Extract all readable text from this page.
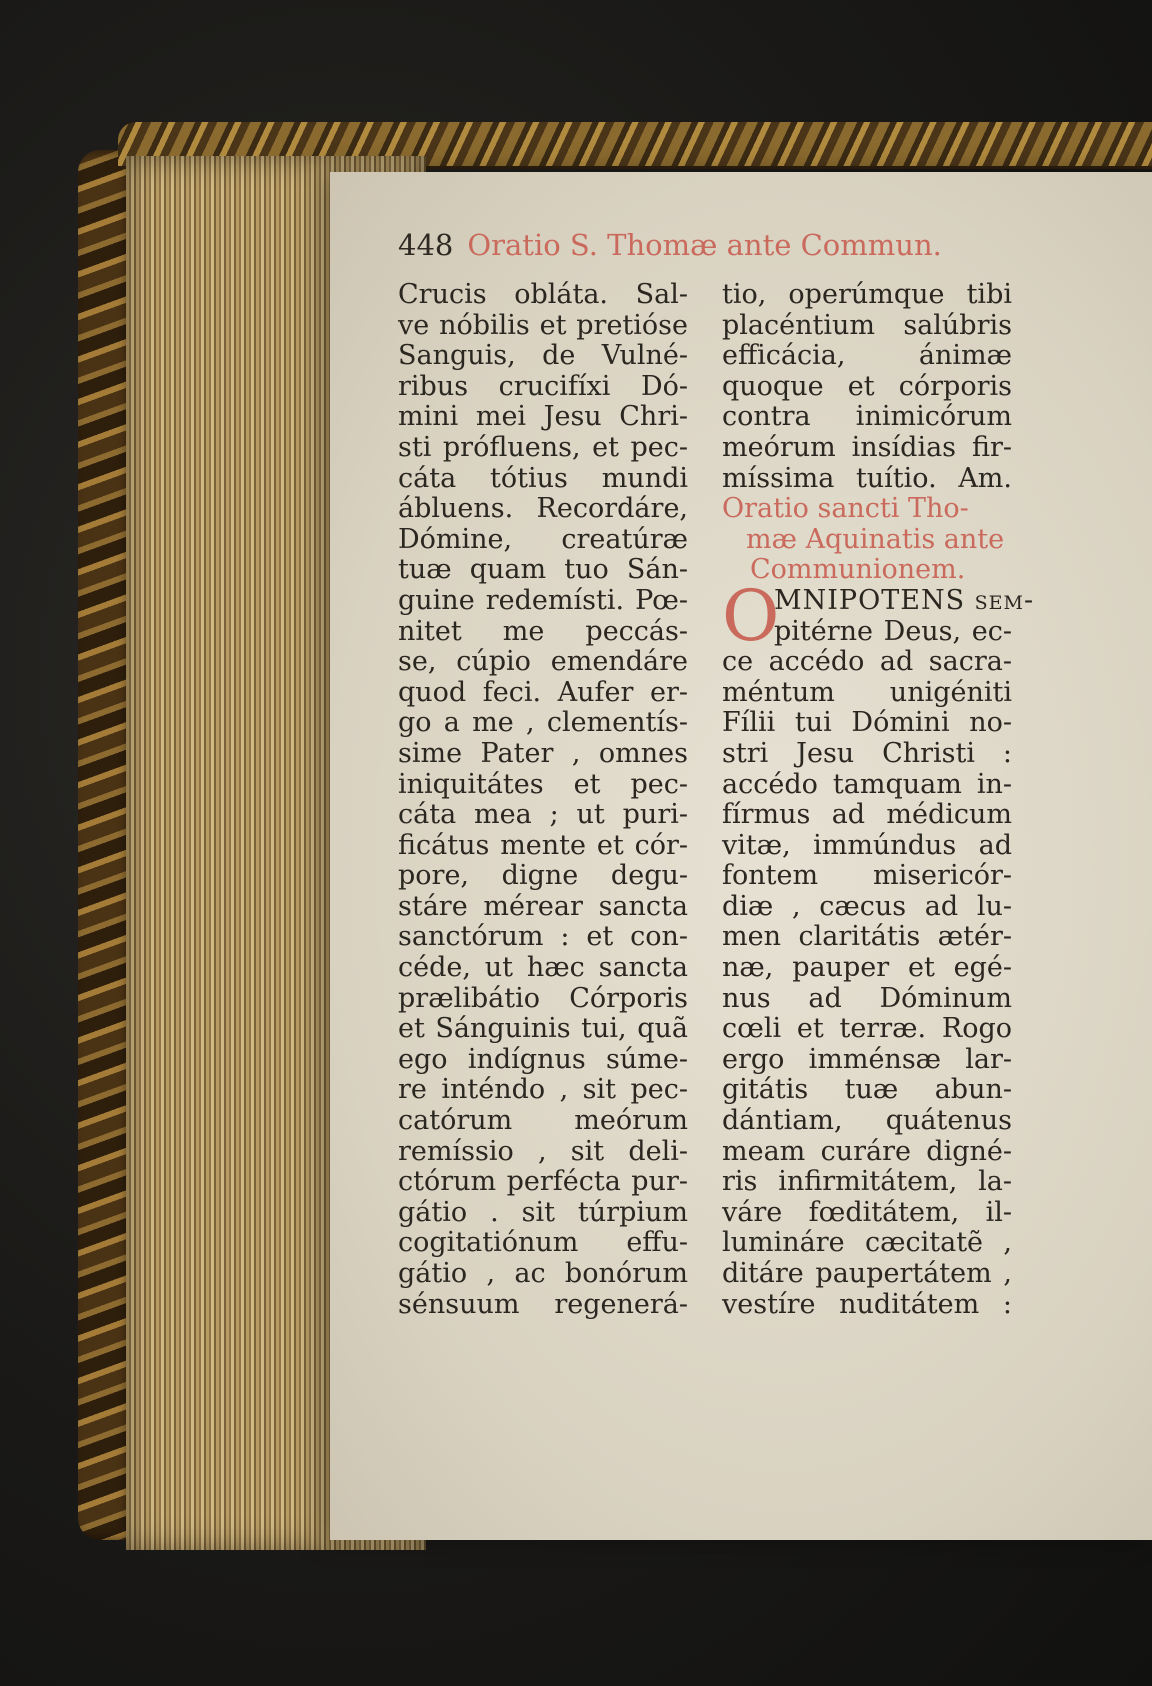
448 Oratio S. Thomæ ante Commun.
Crucis obláta. Sal-
ve nóbilis et pretióse
Sanguis, de Vulné-
ribus crucifíxi Dó-
mini mei Jesu Chri-
sti prófluens, et pec-
cáta tótius mundi
ábluens. Recordáre,
Dómine, creatúræ
tuæ quam tuo Sán-
guine redemísti. Pœ-
nitet me peccás-
se, cúpio emendáre
quod feci. Aufer er-
go a me , clementís-
sime Pater , omnes
iniquitátes et pec-
cáta mea ; ut puri-
ficátus mente et cór-
pore, digne degu-
stáre mérear sancta
sanctórum : et con-
céde, ut hæc sancta
prælibátio Córporis
et Sánguinis tui, quã
ego indígnus súme-
re inténdo , sit pec-
catórum meórum
remíssio , sit deli-
ctórum perfécta pur-
gátio . sit túrpium
cogitatiónum effu-
gátio , ac bonórum
sénsuum regenerá-
tio, operúmque tibi
placéntium salúbris
efficácia, ánimæ
quoque et córporis
contra inimicórum
meórum insídias fir-
míssima tuítio. Am.
Oratio sancti Tho-
mæ Aquinatis ante
Communionem.
O
MNIPOTENS sem-
pitérne Deus, ec-
ce accédo ad sacra-
méntum unigéniti
Fílii tui Dómini no-
stri Jesu Christi :
accédo tamquam in-
fírmus ad médicum
vitæ, immúndus ad
fontem misericór-
diæ , cæcus ad lu-
men claritátis ætér-
næ, pauper et egé-
nus ad Dóminum
cœli et terræ. Rogo
ergo imménsæ lar-
gitátis tuæ abun-
dántiam, quátenus
meam curáre digné-
ris infirmitátem, la-
váre fœditátem, il-
lumináre cæcitatẽ ,
ditáre paupertátem ,
vestíre nuditátem :
